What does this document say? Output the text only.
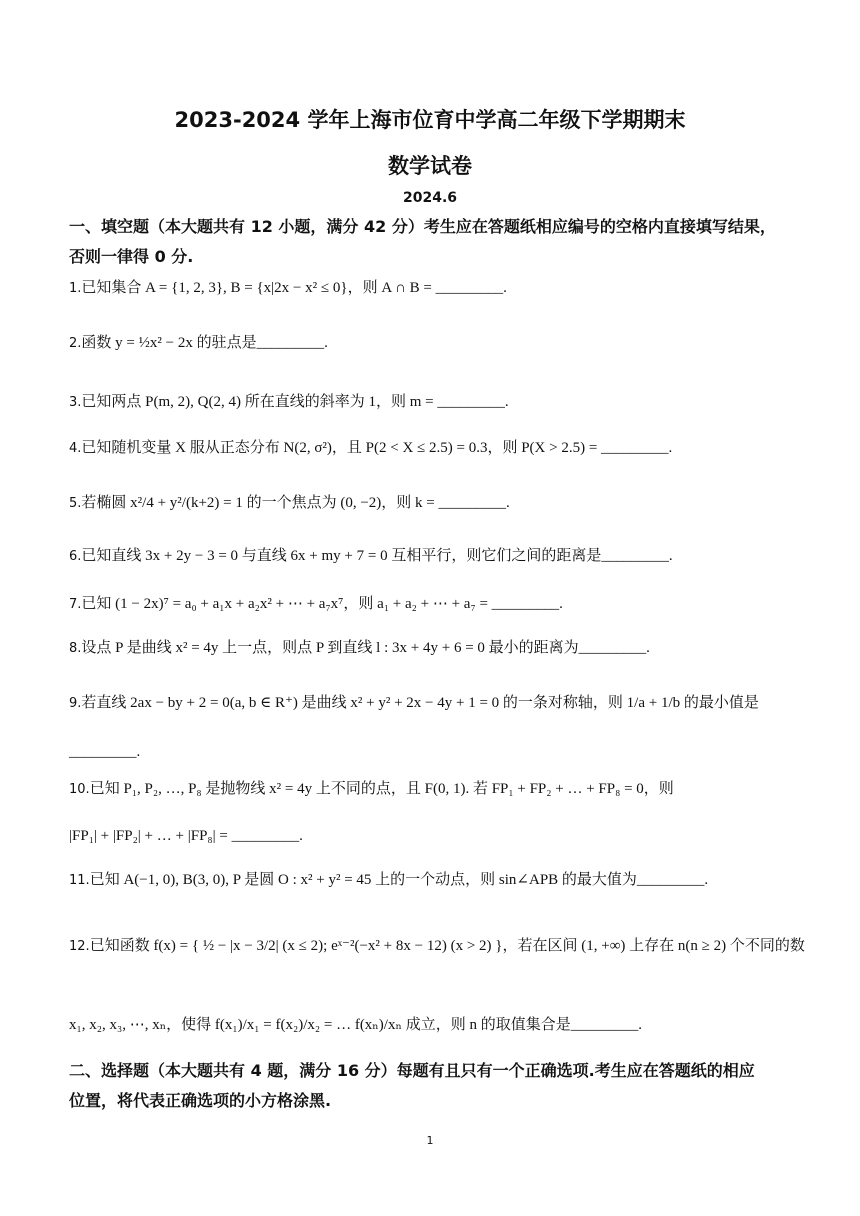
2023-2024 学年上海市位育中学高二年级下学期期末
数学试卷
2024.6
一、填空题（本大题共有 12 小题，满分 42 分）考生应在答题纸相应编号的空格内直接填写结果，
否则一律得 0 分.
1.已知集合 A = {1, 2, 3}, B = {x|2x − x² ≤ 0}，则 A ∩ B = _________.
2.函数 y = ½x² − 2x 的驻点是_________.
3.已知两点 P(m, 2), Q(2, 4) 所在直线的斜率为 1，则 m = _________.
4.已知随机变量 X 服从正态分布 N(2, σ²)，且 P(2 < X ≤ 2.5) = 0.3，则 P(X > 2.5) = _________.
5.若椭圆 x²/4 + y²/(k+2) = 1 的一个焦点为 (0, −2)，则 k = _________.
6.已知直线 3x + 2y − 3 = 0 与直线 6x + my + 7 = 0 互相平行，则它们之间的距离是_________.
7.已知 (1 − 2x)⁷ = a₀ + a₁x + a₂x² + ⋯ + a₇x⁷，则 a₁ + a₂ + ⋯ + a₇ = _________.
8.设点 P 是曲线 x² = 4y 上一点，则点 P 到直线 l : 3x + 4y + 6 = 0 最小的距离为_________.
9.若直线 2ax − by + 2 = 0(a, b ∈ R⁺) 是曲线 x² + y² + 2x − 4y + 1 = 0 的一条对称轴，则 1/a + 1/b 的最小值是
_________.
10.已知 P₁, P₂, …, P₈ 是抛物线 x² = 4y 上不同的点，且 F(0, 1). 若 FP₁ + FP₂ + … + FP₈ = 0，则
|FP₁| + |FP₂| + … + |FP₈| = _________.
11.已知 A(−1, 0), B(3, 0), P 是圆 O : x² + y² = 45 上的一个动点，则 sin∠APB 的最大值为_________.
12.已知函数 f(x) = { ½ − |x − 3/2| (x ≤ 2); eˣ⁻²(−x² + 8x − 12) (x > 2) }，若在区间 (1, +∞) 上存在 n(n ≥ 2) 个不同的数
x₁, x₂, x₃, ⋯, xₙ，使得 f(x₁)/x₁ = f(x₂)/x₂ = … f(xₙ)/xₙ 成立，则 n 的取值集合是_________.
二、选择题（本大题共有 4 题，满分 16 分）每题有且只有一个正确选项.考生应在答题纸的相应
位置，将代表正确选项的小方格涂黑.
1
